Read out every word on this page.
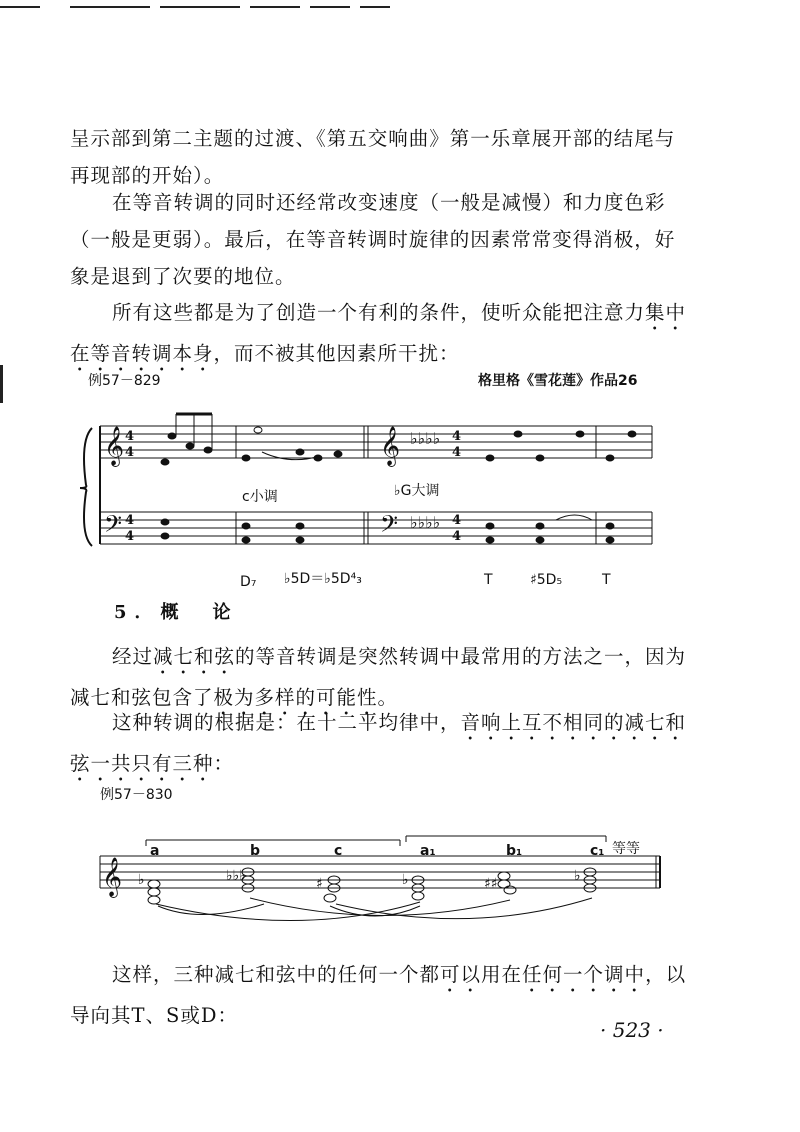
呈示部到第二主题的过渡、《第五交响曲》第一乐章展开部的结尾与再现部的开始）。

在等音转调的同时还经常改变速度（一般是减慢）和力度色彩（一般是更弱）。最后，在等音转调时旋律的因素常常变得消极，好象是退到了次要的地位。

所有这些都是为了创造一个有利的条件，使听众能把注意力集中在等音转调本身，而不被其他因素所干扰：

例57－829	格里格《雪花莲》作品26
𝄞
𝄢
𝄞
𝄢
4
4
4
4
♭♭♭♭ 4
4
♭♭♭♭ 4
4
c小调	♭G大调
D₇ ♭5D＝♭5D⁴₃	T	♯5D₅	T
5．概　论

经过减七和弦的等音转调是突然转调中最常用的方法之一，因为减七和弦包含了极为多样的可能性。

这种转调的根据是：在十二平均律中，音响上互不相同的减七和弦一共只有三种：

例57－830
𝄞 ♭	♭♭♭	♯	♭	♯♯	♭
a	b	c	a₁	b₁	c₁ 等等

这样，三种减七和弦中的任何一个都可以用在任何一个调中，以导向其T、S或D：

· 523 ·
